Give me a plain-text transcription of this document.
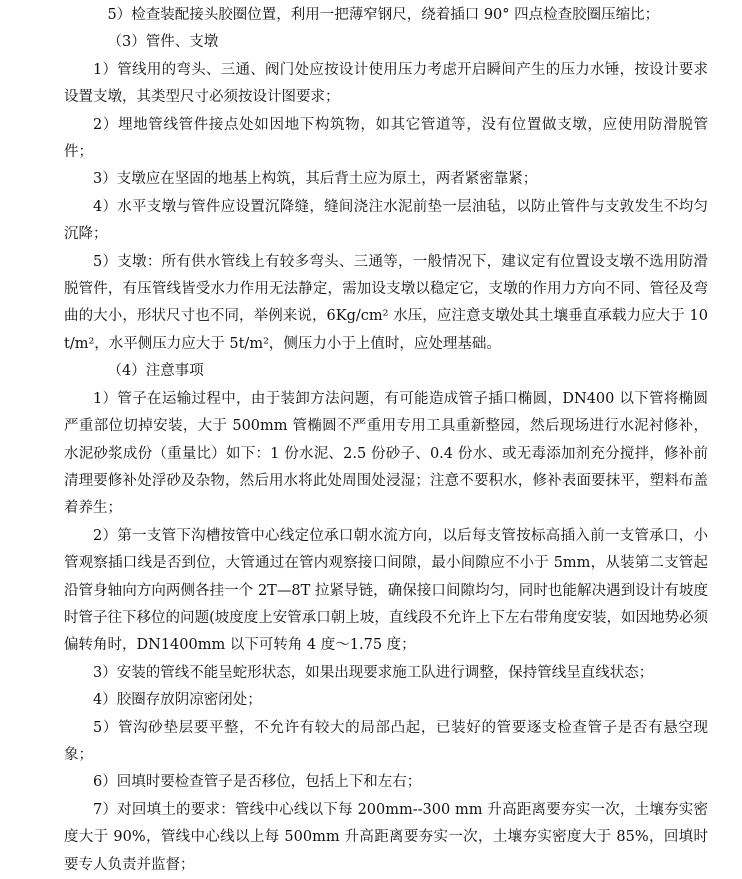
5）检查装配接头胶圈位置，利用一把薄窄钢尺，绕着插口 90° 四点检查胶圈压缩比；

（3）管件、支墩

1）管线用的弯头、三通、阀门处应按设计使用压力考虑开启瞬间产生的压力水锤，按设计要求设置支墩，其类型尺寸必须按设计图要求；

2）埋地管线管件接点处如因地下构筑物，如其它管道等，没有位置做支墩，应使用防滑脱管件；

3）支墩应在坚固的地基上构筑，其后背土应为原土，两者紧密靠紧；

4）水平支墩与管件应设置沉降缝，缝间浇注水泥前垫一层油毡，以防止管件与支敦发生不均匀沉降；

5）支墩：所有供水管线上有较多弯头、三通等，一般情况下，建议定有位置设支墩不选用防滑脱管件，有压管线皆受水力作用无法静定，需加设支墩以稳定它，支墩的作用力方向不同、管径及弯曲的大小，形状尺寸也不同，举例来说，6Kg/cm² 水压，应注意支墩处其土壤垂直承载力应大于 10t/m²，水平侧压力应大于 5t/m²，侧压力小于上值时，应处理基础。

（4）注意事项

1）管子在运输过程中，由于装卸方法问题，有可能造成管子插口椭圆，DN400 以下管将椭圆严重部位切掉安装，大于 500mm 管椭圆不严重用专用工具重新整园，然后现场进行水泥衬修补，水泥砂浆成份（重量比）如下：1 份水泥、2.5 份砂子、0.4 份水、或无毒添加剂充分搅拌，修补前清理要修补处浮砂及杂物，然后用水将此处周围处浸湿；注意不要积水，修补表面要抹平，塑料布盖着养生；

2）第一支管下沟槽按管中心线定位承口朝水流方向，以后每支管按标高插入前一支管承口，小管观察插口线是否到位，大管通过在管内观察接口间隙，最小间隙应不小于 5mm，从装第二支管起沿管身轴向方向两侧各挂一个 2T—8T 拉紧导链，确保接口间隙均匀，同时也能解决遇到设计有坡度时管子往下移位的问题(坡度度上安管承口朝上坡，直线段不允许上下左右带角度安装，如因地势必须偏转角时，DN1400mm 以下可转角 4 度～1.75 度；

3）安装的管线不能呈蛇形状态，如果出现要求施工队进行调整，保持管线呈直线状态；

4）胶圈存放阴凉密闭处；

5）管沟砂垫层要平整，不允许有较大的局部凸起，已装好的管要逐支检查管子是否有悬空现象；

6）回填时要检查管子是否移位，包括上下和左右；

7）对回填土的要求：管线中心线以下每 200mm--300 mm 升高距离要夯实一次，土壤夯实密度大于 90%，管线中心线以上每 500mm 升高距离要夯实一次，土壤夯实密度大于 85%，回填时要专人负责并监督；
